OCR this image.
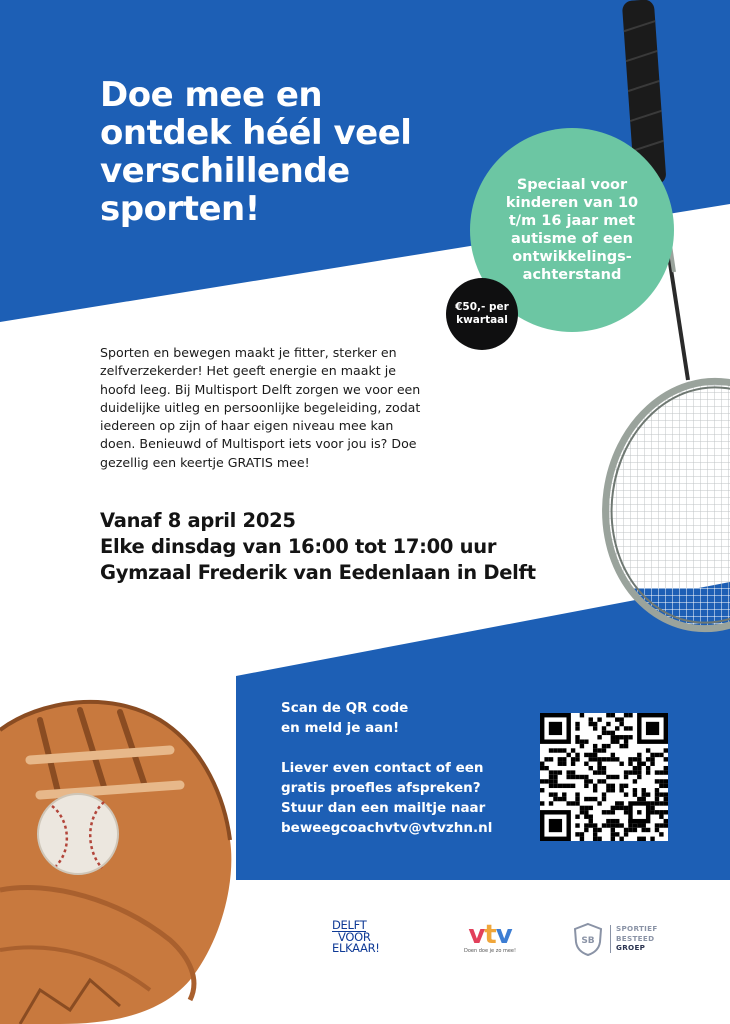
Doe mee en
ontdek héél veel
verschillende
sporten!
Speciaal voor
kinderen van 10
t/m 16 jaar met
autisme of een
ontwikkelings-
achterstand
€50,- per
kwartaal

Sporten en bewegen maakt je fitter, sterker en
zelfverzekerder! Het geeft energie en maakt je
hoofd leeg. Bij Multisport Delft zorgen we voor een
duidelijke uitleg en persoonlijke begeleiding, zodat
iedereen op zijn of haar eigen niveau mee kan
doen. Benieuwd of Multisport iets voor jou is? Doe
gezellig een keertje GRATIS mee!

Vanaf 8 april 2025
Elke dinsdag van 16:00 tot 17:00 uur
Gymzaal Frederik van Eedenlaan in Delft
Scan de QR code
en meld je aan!
Liever even contact of een
gratis proefles afspreken?
Stuur dan een mailtje naar
beweegcoachvtv@vtvzhn.nl
DELFT
VOOR
ELKAAR!	vtv
Doen doe je zo mee!
SB
SPORTIEF
BESTEED
GROEP
